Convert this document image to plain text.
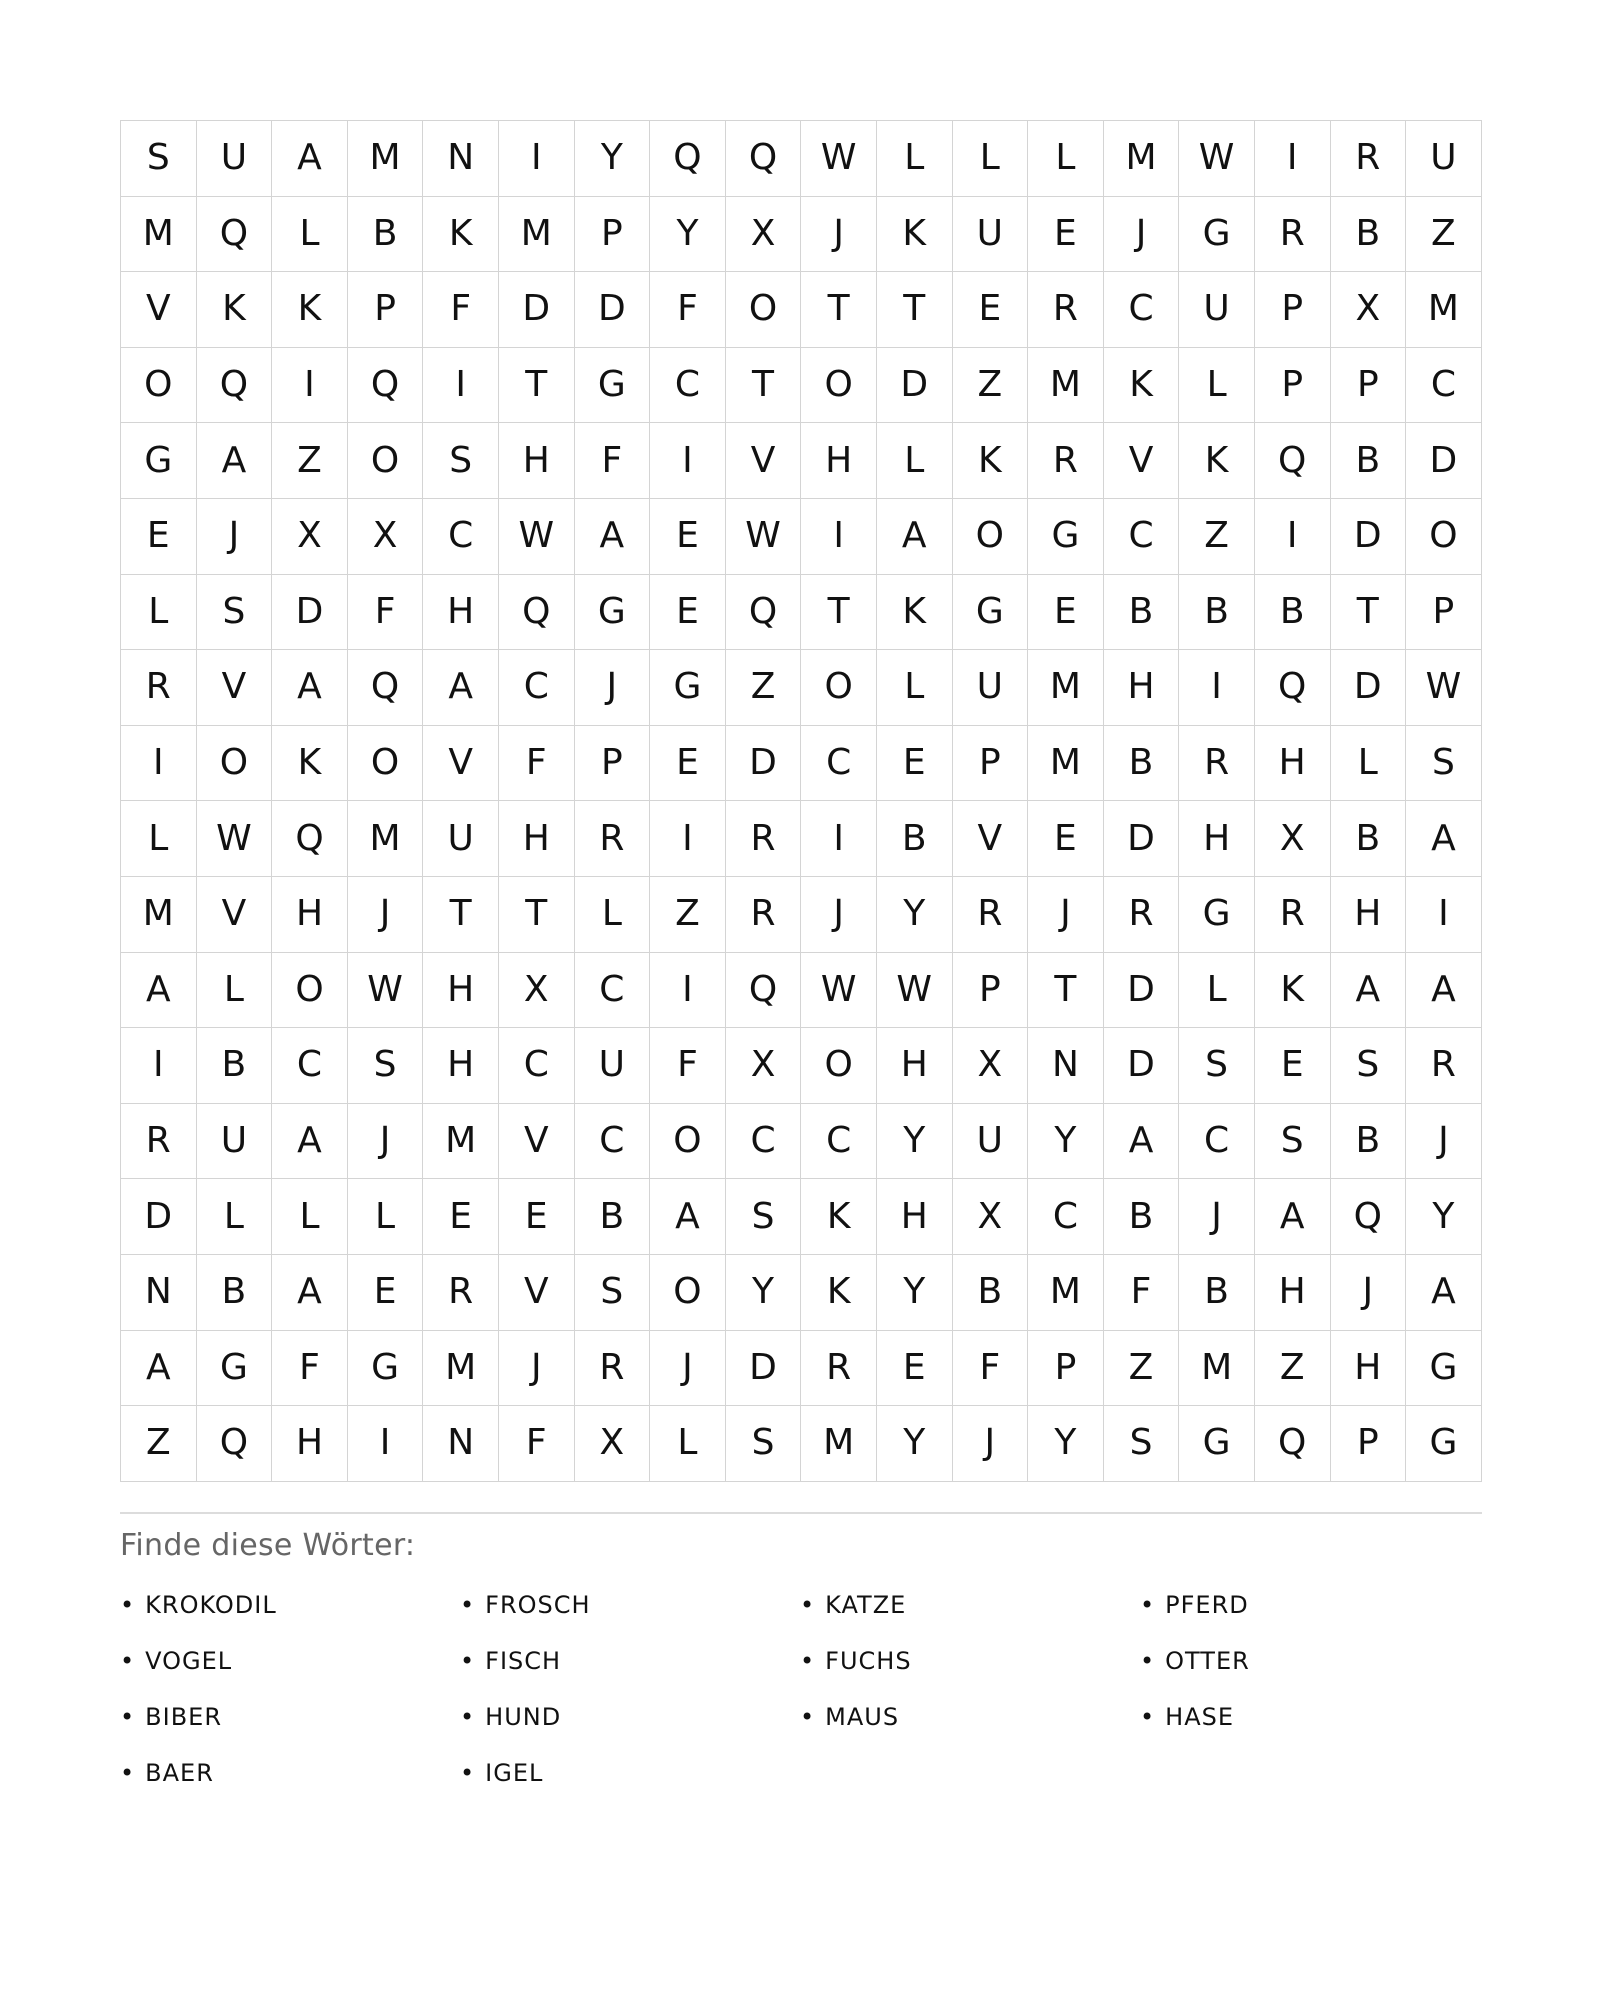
S	U	A	M	N	I	Y	Q	Q	W	L	L	L	M	W	I	R	U
M	Q	L	B	K	M	P	Y	X	J	K	U	E	J	G	R	B	Z
V	K	K	P	F	D	D	F	O	T	T	E	R	C	U	P	X	M
O	Q	I	Q	I	T	G	C	T	O	D	Z	M	K	L	P	P	C
G	A	Z	O	S	H	F	I	V	H	L	K	R	V	K	Q	B	D
E	J	X	X	C	W	A	E	W	I	A	O	G	C	Z	I	D	O
L	S	D	F	H	Q	G	E	Q	T	K	G	E	B	B	B	T	P
R	V	A	Q	A	C	J	G	Z	O	L	U	M	H	I	Q	D	W
I	O	K	O	V	F	P	E	D	C	E	P	M	B	R	H	L	S
L	W	Q	M	U	H	R	I	R	I	B	V	E	D	H	X	B	A
M	V	H	J	T	T	L	Z	R	J	Y	R	J	R	G	R	H	I
A	L	O	W	H	X	C	I	Q	W	W	P	T	D	L	K	A	A
I	B	C	S	H	C	U	F	X	O	H	X	N	D	S	E	S	R
R	U	A	J	M	V	C	O	C	C	Y	U	Y	A	C	S	B	J
D	L	L	L	E	E	B	A	S	K	H	X	C	B	J	A	Q	Y
N	B	A	E	R	V	S	O	Y	K	Y	B	M	F	B	H	J	A
A	G	F	G	M	J	R	J	D	R	E	F	P	Z	M	Z	H	G
Z	Q	H	I	N	F	X	L	S	M	Y	J	Y	S	G	Q	P	G
Finde diese Wörter:
• KROKODIL	• FROSCH	• KATZE	• PFERD
• VOGEL	• FISCH	• FUCHS	• OTTER
• BIBER	• HUND	• MAUS	• HASE
• BAER	• IGEL
